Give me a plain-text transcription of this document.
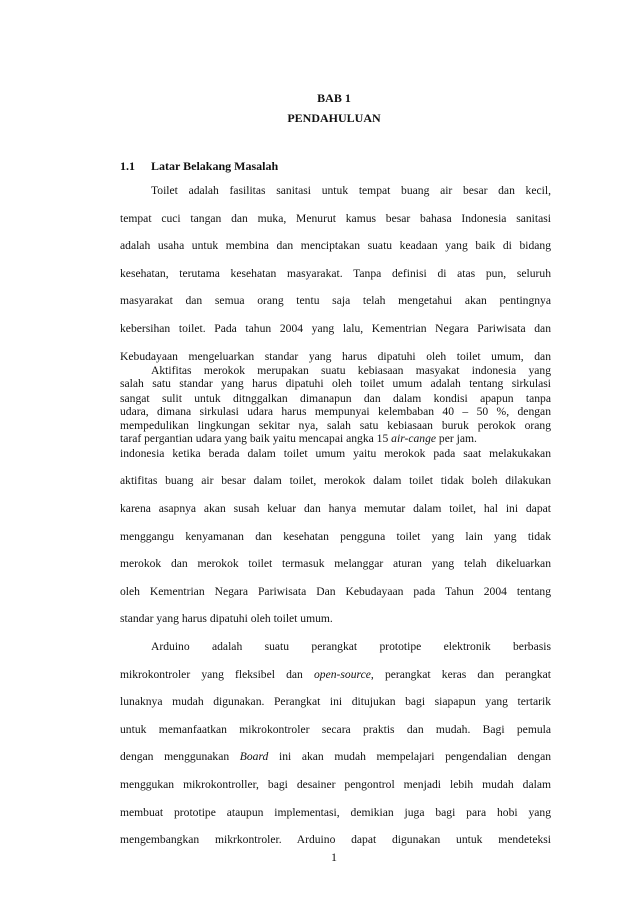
BAB 1
PENDAHULUAN
1.1 Latar Belakang Masalah
Toilet adalah fasilitas sanitasi untuk tempat buang air besar dan kecil,
tempat cuci tangan dan muka, Menurut kamus besar bahasa Indonesia sanitasi
adalah usaha untuk membina dan menciptakan suatu keadaan yang baik di bidang
kesehatan, terutama kesehatan masyarakat. Tanpa definisi di atas pun, seluruh
masyarakat dan semua orang tentu saja telah mengetahui akan pentingnya
kebersihan toilet. Pada tahun 2004 yang lalu, Kementrian Negara Pariwisata dan
Kebudayaan mengeluarkan standar yang harus dipatuhi oleh toilet umum, dan
salah satu standar yang harus dipatuhi oleh toilet umum adalah tentang sirkulasi
udara, dimana sirkulasi udara harus mempunyai kelembaban 40 – 50 %, dengan
taraf pergantian udara yang baik yaitu mencapai angka 15 air-cange per jam.
Aktifitas merokok merupakan suatu kebiasaan masyakat indonesia yang
sangat sulit untuk ditnggalkan dimanapun dan dalam kondisi apapun tanpa
mempedulikan lingkungan sekitar nya, salah satu kebiasaan buruk perokok orang
indonesia ketika berada dalam toilet umum yaitu merokok pada saat melakukakan
aktifitas buang air besar dalam toilet, merokok dalam toilet tidak boleh dilakukan
karena asapnya akan susah keluar dan hanya memutar dalam toilet, hal ini dapat
menggangu kenyamanan dan kesehatan pengguna toilet yang lain yang tidak
merokok dan merokok toilet termasuk melanggar aturan yang telah dikeluarkan
oleh Kementrian Negara Pariwisata Dan Kebudayaan pada Tahun 2004 tentang
standar yang harus dipatuhi oleh toilet umum.
Arduino adalah suatu perangkat prototipe elektronik berbasis
mikrokontroler yang fleksibel dan open-source, perangkat keras dan perangkat
lunaknya mudah digunakan. Perangkat ini ditujukan bagi siapapun yang tertarik
untuk memanfaatkan mikrokontroler secara praktis dan mudah. Bagi pemula
dengan menggunakan Board ini akan mudah mempelajari pengendalian dengan
menggukan mikrokontroller, bagi desainer pengontrol menjadi lebih mudah dalam
membuat prototipe ataupun implementasi, demikian juga bagi para hobi yang
mengembangkan mikrkontroler. Arduino dapat digunakan untuk mendeteksi
1
